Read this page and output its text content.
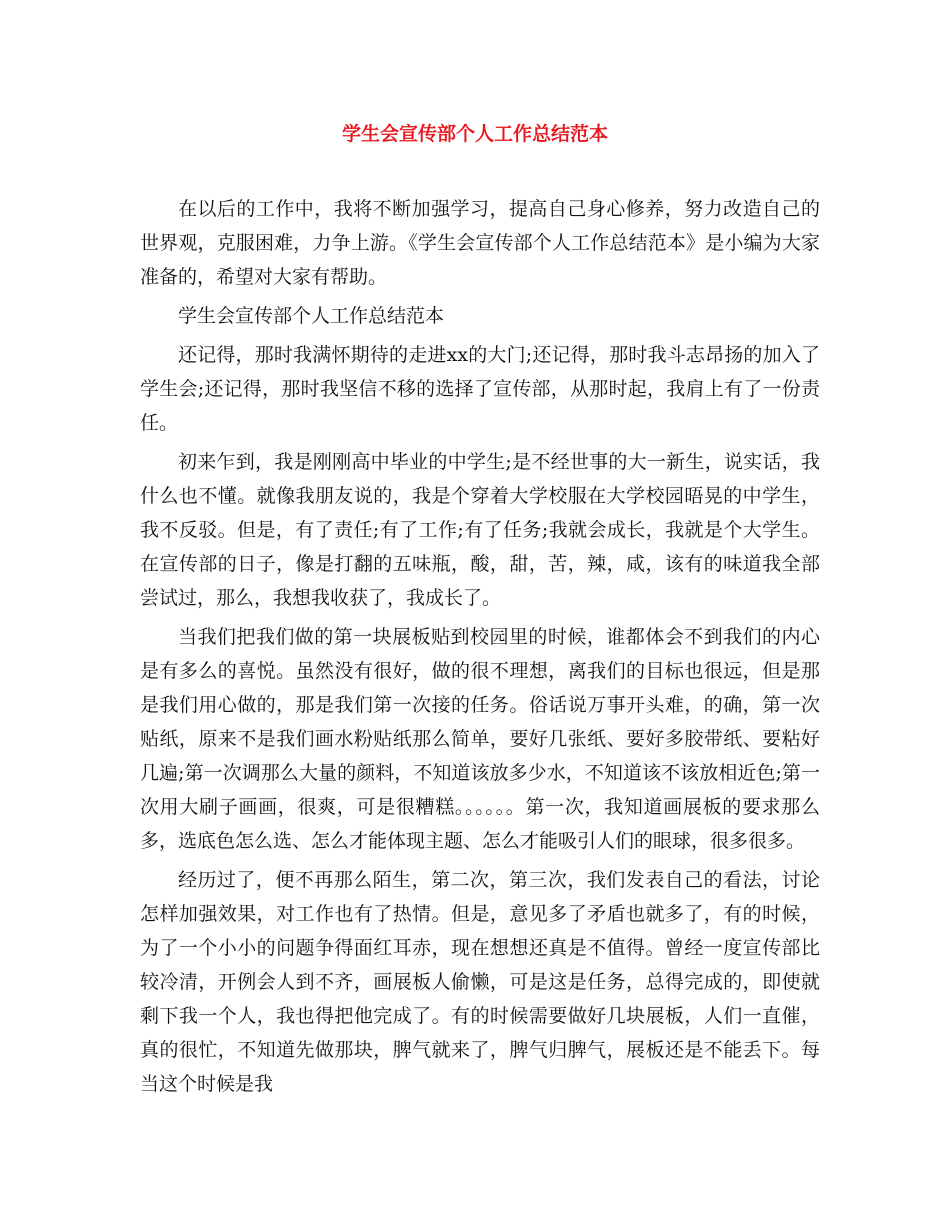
学生会宣传部个人工作总结范本

在以后的工作中，我将不断加强学习，提高自己身心修养，努力改造自己的世界观，克服困难，力争上游。《学生会宣传部个人工作总结范本》是小编为大家准备的，希望对大家有帮助。

学生会宣传部个人工作总结范本

还记得，那时我满怀期待的走进xx的大门;还记得，那时我斗志昂扬的加入了学生会;还记得，那时我坚信不移的选择了宣传部，从那时起，我肩上有了一份责任。

初来乍到，我是刚刚高中毕业的中学生;是不经世事的大一新生，说实话，我什么也不懂。就像我朋友说的，我是个穿着大学校服在大学校园晤晃的中学生，我不反驳。但是，有了责任;有了工作;有了任务;我就会成长，我就是个大学生。在宣传部的日子，像是打翻的五味瓶，酸，甜，苦，辣，咸，该有的味道我全部尝试过，那么，我想我收获了，我成长了。

当我们把我们做的第一块展板贴到校园里的时候，谁都体会不到我们的内心是有多么的喜悦。虽然没有很好，做的很不理想，离我们的目标也很远，但是那是我们用心做的，那是我们第一次接的任务。俗话说万事开头难，的确，第一次贴纸，原来不是我们画水粉贴纸那么简单，要好几张纸、要好多胶带纸、要粘好几遍;第一次调那么大量的颜料，不知道该放多少水，不知道该不该放相近色;第一次用大刷子画画，很爽，可是很糟糕。。。。。。第一次，我知道画展板的要求那么多，选底色怎么选、怎么才能体现主题、怎么才能吸引人们的眼球，很多很多。

经历过了，便不再那么陌生，第二次，第三次，我们发表自己的看法，讨论怎样加强效果，对工作也有了热情。但是，意见多了矛盾也就多了，有的时候，为了一个小小的问题争得面红耳赤，现在想想还真是不值得。曾经一度宣传部比较冷清，开例会人到不齐，画展板人偷懒，可是这是任务，总得完成的，即使就剩下我一个人，我也得把他完成了。有的时候需要做好几块展板，人们一直催，真的很忙，不知道先做那块，脾气就来了，脾气归脾气，展板还是不能丢下。每当这个时候是我
